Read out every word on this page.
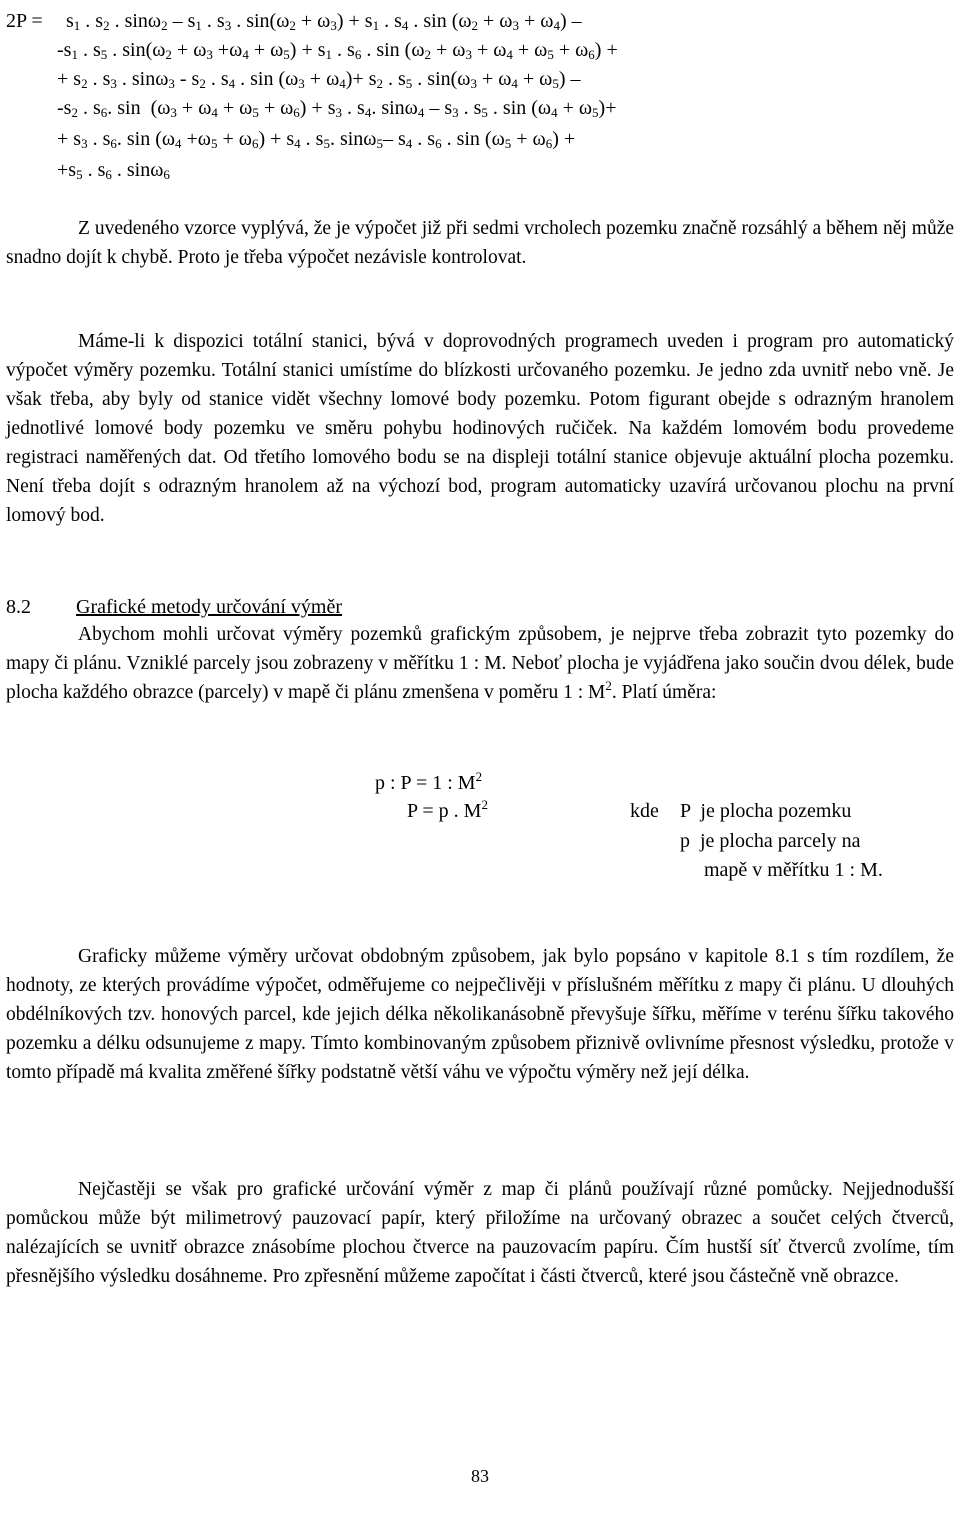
$2P = s_1$ . $s_2$ . $\sin\omega_2 - s_1$ . $s_3$ . $\sin(\omega_2 + \omega_3) + s_1$ . $s_4$ . $\sin (\omega_2 + \omega_3 + \omega_4)$ –
$-s_1$ . $s_5$ . $\sin(\omega_2 + \omega_3 +\omega_4 + \omega_5) + s_1$ . $s_6$ . $\sin (\omega_2 + \omega_3 + \omega_4 + \omega_5 + \omega_6)$ +
+ $s_2$ . $s_3$ . $\sin\omega_3 - s_2$ . $s_4$ . $\sin (\omega_3 + \omega_4)+ s_2$ . $s_5$ . $\sin(\omega_3 + \omega_4 + \omega_5)$ –
$-s_2$ . $s_6$. $\sin (\omega_3 + \omega_4 + \omega_5 + \omega_6) + s_3$ . $s_4$. $\sin\omega_4 - s_3$ . $s_5$ . $\sin (\omega_4 + \omega_5)+$
+ $s_3$ . $s_6$. $\sin (\omega_4 +\omega_5 + \omega_6) + s_4$ . $s_5$. sinω$_5$– $s_4$ . $s_6$ . $\sin (\omega_5 + \omega_6)$ +
$+s_5$ . $s_6$ . sinω$_6$
Z uvedeného vzorce vyplývá, že je výpočet již při sedmi vrcholech pozemku značně rozsáhlý a během něj může snadno dojít k chybě. Proto je třeba výpočet nezávisle kontrolovat.
Máme-li k dispozici totální stanici, bývá v doprovodných programech uveden i program pro automatický výpočet výměry pozemku. Totální stanici umístíme do blízkosti určovaného pozemku. Je jedno zda uvnitř nebo vně. Je však třeba, aby byly od stanice vidět všechny lomové body pozemku. Potom figurant obejde s odrazným hranolem jednotlivé lomové body pozemku ve směru pohybu hodinových ručiček. Na každém lomovém bodu provedeme registraci naměřených dat. Od třetího lomového bodu se na displeji totální stanice objevuje aktuální plocha pozemku. Není třeba dojít s odrazným hranolem až na výchozí bod, program automaticky uzavírá určovanou plochu na první lomový bod.
8.2 Grafické metody určování výměr
Abychom mohli určovat výměry pozemků grafickým způsobem, je nejprve třeba zobrazit tyto pozemky do mapy či plánu. Vzniklé parcely jsou zobrazeny v měřítku 1 : M. Neboť plocha je vyjádřena jako součin dvou délek, bude plocha každého obrazce (parcely) v mapě či plánu zmenšena v poměru 1 : $M^2$. Platí úměra:
p : P = 1 : $M^2$
P = p . $M^2$	kde P  je plocha pozemku
p  je plocha parcely na
mapě v měřítku 1 : M.
Graficky můžeme výměry určovat obdobným způsobem, jak bylo popsáno v kapitole 8.1 s tím rozdílem, že hodnoty, ze kterých provádíme výpočet, odměřujeme co nejpečlivěji v příslušném měřítku z mapy či plánu. U dlouhých obdélníkových tzv. honových parcel, kde jejich délka několikanásobně převyšuje šířku, měříme v terénu šířku takového pozemku a délku odsunujeme z mapy. Tímto kombinovaným způsobem přiznivě ovlivníme přesnost výsledku, protože v tomto případě má kvalita změřené šířky podstatně větší váhu ve výpočtu výměry než její délka.
Nejčastěji se však pro grafické určování výměr z map či plánů používají různé pomůcky. Nejjednodušší pomůckou může být milimetrový pauzovací papír, který přiložíme na určovaný obrazec a součet celých čtverců, nalézajících se uvnitř obrazce znásobíme plochou čtverce na pauzovacím papíru. Čím hustší síť čtverců zvolíme, tím přesnějšího výsledku dosáhneme. Pro zpřesnění můžeme započítat i části čtverců, které jsou částečně vně obrazce.
83
